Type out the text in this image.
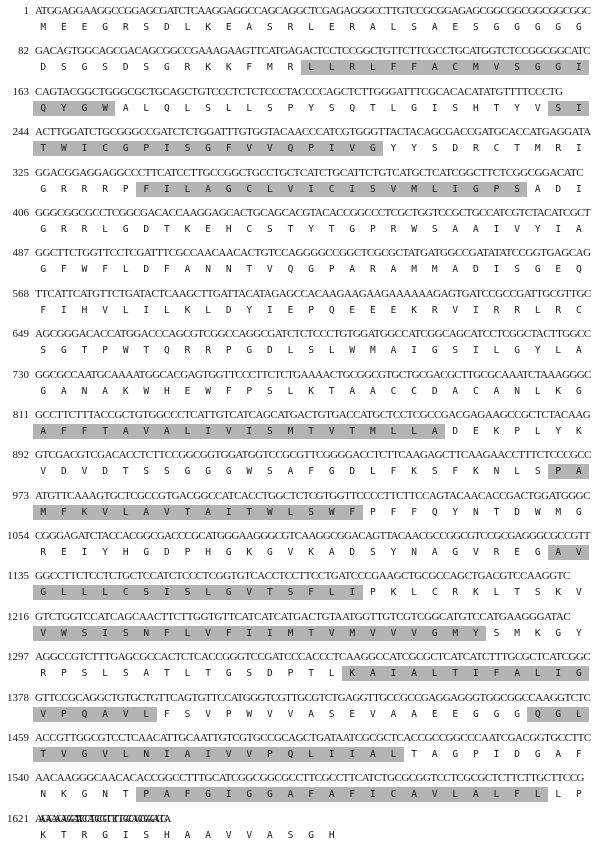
1 ATGGAGGAAGGCCGGAGCGATCTCAAGGAGGCCAGCAGGCTCGAGAGGGCCTTGTCCGCGGAGAGCGGCGGCGGCGGCGGC
M	E	E	G	R	S	D	L	K	E	A	S	R	L	E	R	A	L	S	A	E	S	G	G	G	G	G
82 GACAGTGGCAGCGACAGCGGCCGAAAGAAGTTCATGAGACTCCTCCGGCTGTTCTTCGCCTGCATGGTCTCCGGCGGCATC
D	S	G	S	D	S	G	R	K	K	F	M	R	L	L	R	L	F	F	A	C	M	V	S	G	G	I
163 CAGTACGGCTGGGCGCTGCAGCTGTCCCTCTCTCCCTACCCCAGCTCTTGGGATTTCGCACACATATGTTTTCCCTG
Q	Y	G	W	A	L	Q	L	S	L	L	S	P	Y	S	Q	T	L	G	I	S	H	T	Y	V	S	I
244 ACTTGGATCTGCGGGCCGATCTCTGGATTTGTGGTACAACCCATCGTGGGTTACTACAGCGACCGATGCACCATGAGGATA
T	W	I	C	G	P	I	S	G	F	V	V	Q	P	I	V	G	Y	Y	S	D	R	C	T	M	R	I
325 GGACGGAGGAGGCCCTTCATCCTTGCCGGCTGCCTGCTCATCTGCATTCTGTCATGCTCATCGGCTTCTCGGCGGACATC
G	R	R	R	P	F	I	L	A	G	C	L	V	I	C	I	S	V	M	L	I	G	P	S	A	D	I
406 GGGCGGCGCCTCGGCGACACCAAGGAGCACTGCAGCACGTACACCGGCCCTCGCTGGTCCGCTGCCATCGTCTACATCGCT
G	R	R	L	G	D	T	K	E	H	C	S	T	Y	T	G	P	R	W	S	A	A	I	V	Y	I	A
487 GGCTTCTGGTTCCTCGATTTCGCCAACAACACTGTCCAGGGGCCGGCTCGCGCTATGATGGCCGATATATCCGGTGAGCAG
G	F	W	F	L	D	F	A	N	N	T	V	Q	G	P	A	R	A	M	M	A	D	I	S	G	E	Q
568 TTCATTCATGTTCTGATACTCAAGCTTGATTACATAGAGCCACAAGAAGAAGAAAAAAGAGTGATCCGCCGATTGCGTTGC
F	I	H	V	L	I	L	K	L	D	Y	I	E	P	Q	E	E	E	K	R	V	I	R	R	L	R	C
649 AGCGGGACACCATGGACCCAGCGTCGGCCAGGCGATCTCTCCCTGTGGATGGCCATCGGCAGCATCCTCGGCTACTTGGCC
S	G	T	P	W	T	Q	R	R	P	G	D	L	S	L	W	M	A	I	G	S	I	L	G	Y	L	A
730 GGCGCCAATGCAAAATGGCACGAGTGGTTCCCTTCTCTGAAAACTGCGGCGTGCTGCGACGCTTGCGCAAATCTAAAGGGC
G	A	N	A	K	W	H	E	W	F	P	S	L	K	T	A	A	C	C	D	A	C	A	N	L	K	G
811 GCCTTCTTTACCGCTGTGGCCCTCATTGTCATCAGCATGACTGTGACCATGCTCCTCGCCGACGAGAAGCCGCTCTACAAG
A	F	F	T	A	V	A	L	I	V	I	S	M	T	V	T	M	L	L	A	D	E	K	P	L	Y	K
892 GTCGACGTCGACACCTCTTCCGGCGGTGGATGGTCCGCGTTCGGGGACCTCTTCAAGAGCTTCAAGAACCTTTCTCCCGCC
V	D	V	D	T	S	S	G	G	G	W	S	A	F	G	D	L	F	K	S	F	K	N	L	S	P	A
973 ATGTTCAAAGTGCTCGCCGTGACGGCCATCACCTGGCTCTCGTGGTTCCCCTTCTTCCAGTACAACACCGACTGGATGGGC
M	F	K	V	L	A	V	T	A	I	T	W	L	S	W	F	P	F	F	Q	Y	N	T	D	W	M	G
1054 CGGGAGATCTACCACGGCGACCCGCATGGGAAGGGCGTCAAGGCGGACAGTTACAACGCCGGCGTCCGCGAGGGCGCCGTT
R	E	I	Y	H	G	D	P	H	G	K	G	V	K	A	D	S	Y	N	A	G	V	R	E	G	A	V
1135 GGCCTTCTCCTCTGCTCCATCTCCCTCGGTGTCACCTCCTTCCTGATCCCGAAGCTGCGCCAGCTGACGTCCAAGGTC
G	L	L	L	C	S	I	S	L	G	V	T	S	F	L	I	P	K	L	C	R	K	L	T	S	K	V
1216 GTCTGGTCCATCAGCAACTTCTTGGTGTTCATCATCATGACTGTAATGGTTGTCGTCGGCATGTCCATGAAGGGATAC
V	W	S	I	S	N	F	L	V	F	I	I	M	T	V	M	V	V	V	G	M	Y	S	M	K	G	Y
1297 AGGCCGTCTTTGAGCGCCACTCTCACCGGGTCCGATCCCACCCTCAAGGCCATCGCGCTCATCATCTTTGCGCTCATCGGC
R	P	S	L	S	A	T	L	T	G	S	D	P	T	L	K	A	I	A	L	T	I	F	A	L	I	G
1378 GTTCCGCAGGCTGTGCTGTTCAGTGTTCCATGGGTCGTTGCGTCTGAGGTTGCCGCCGAGGAGGGTGGCGGCCAAGGTCTC
V	P	Q	A	V	L	F	S	V	P	W	V	V	A	S	E	V	A	A	E	E	G	G	G	Q	G	L
1459 ACCGTTGGCGTCCTCAACATTGCAATTGTCGTGCCGCAGCTGATAATCGCGCTCACCGCCGGCCCAATCGACGGTGCCTTC
T	V	G	V	L	N	I	A	I	V	V	P	Q	L	I	I	A	L	T	A	G	P	I	D	G	A	F
1540 AACAAGGGCAACACACCGGCCTTTGCATCGGCGGCGCCTTCGCCTTCATCTGCGCGGTCCTCGCGCTCTTCTTGCTTCCG
N	K	G	N	T	P	A	F	G	I	G	G	A	F	A	F	I	C	A	V	L	A	L	F	L	L	P
1621 AAGACAAGAGGCATATCCCATGCCGCTGTTGTGGCCAGCGGGCACTGA
K	T	R	G	I	S	H	A	A	V	V	A	S	G	H
